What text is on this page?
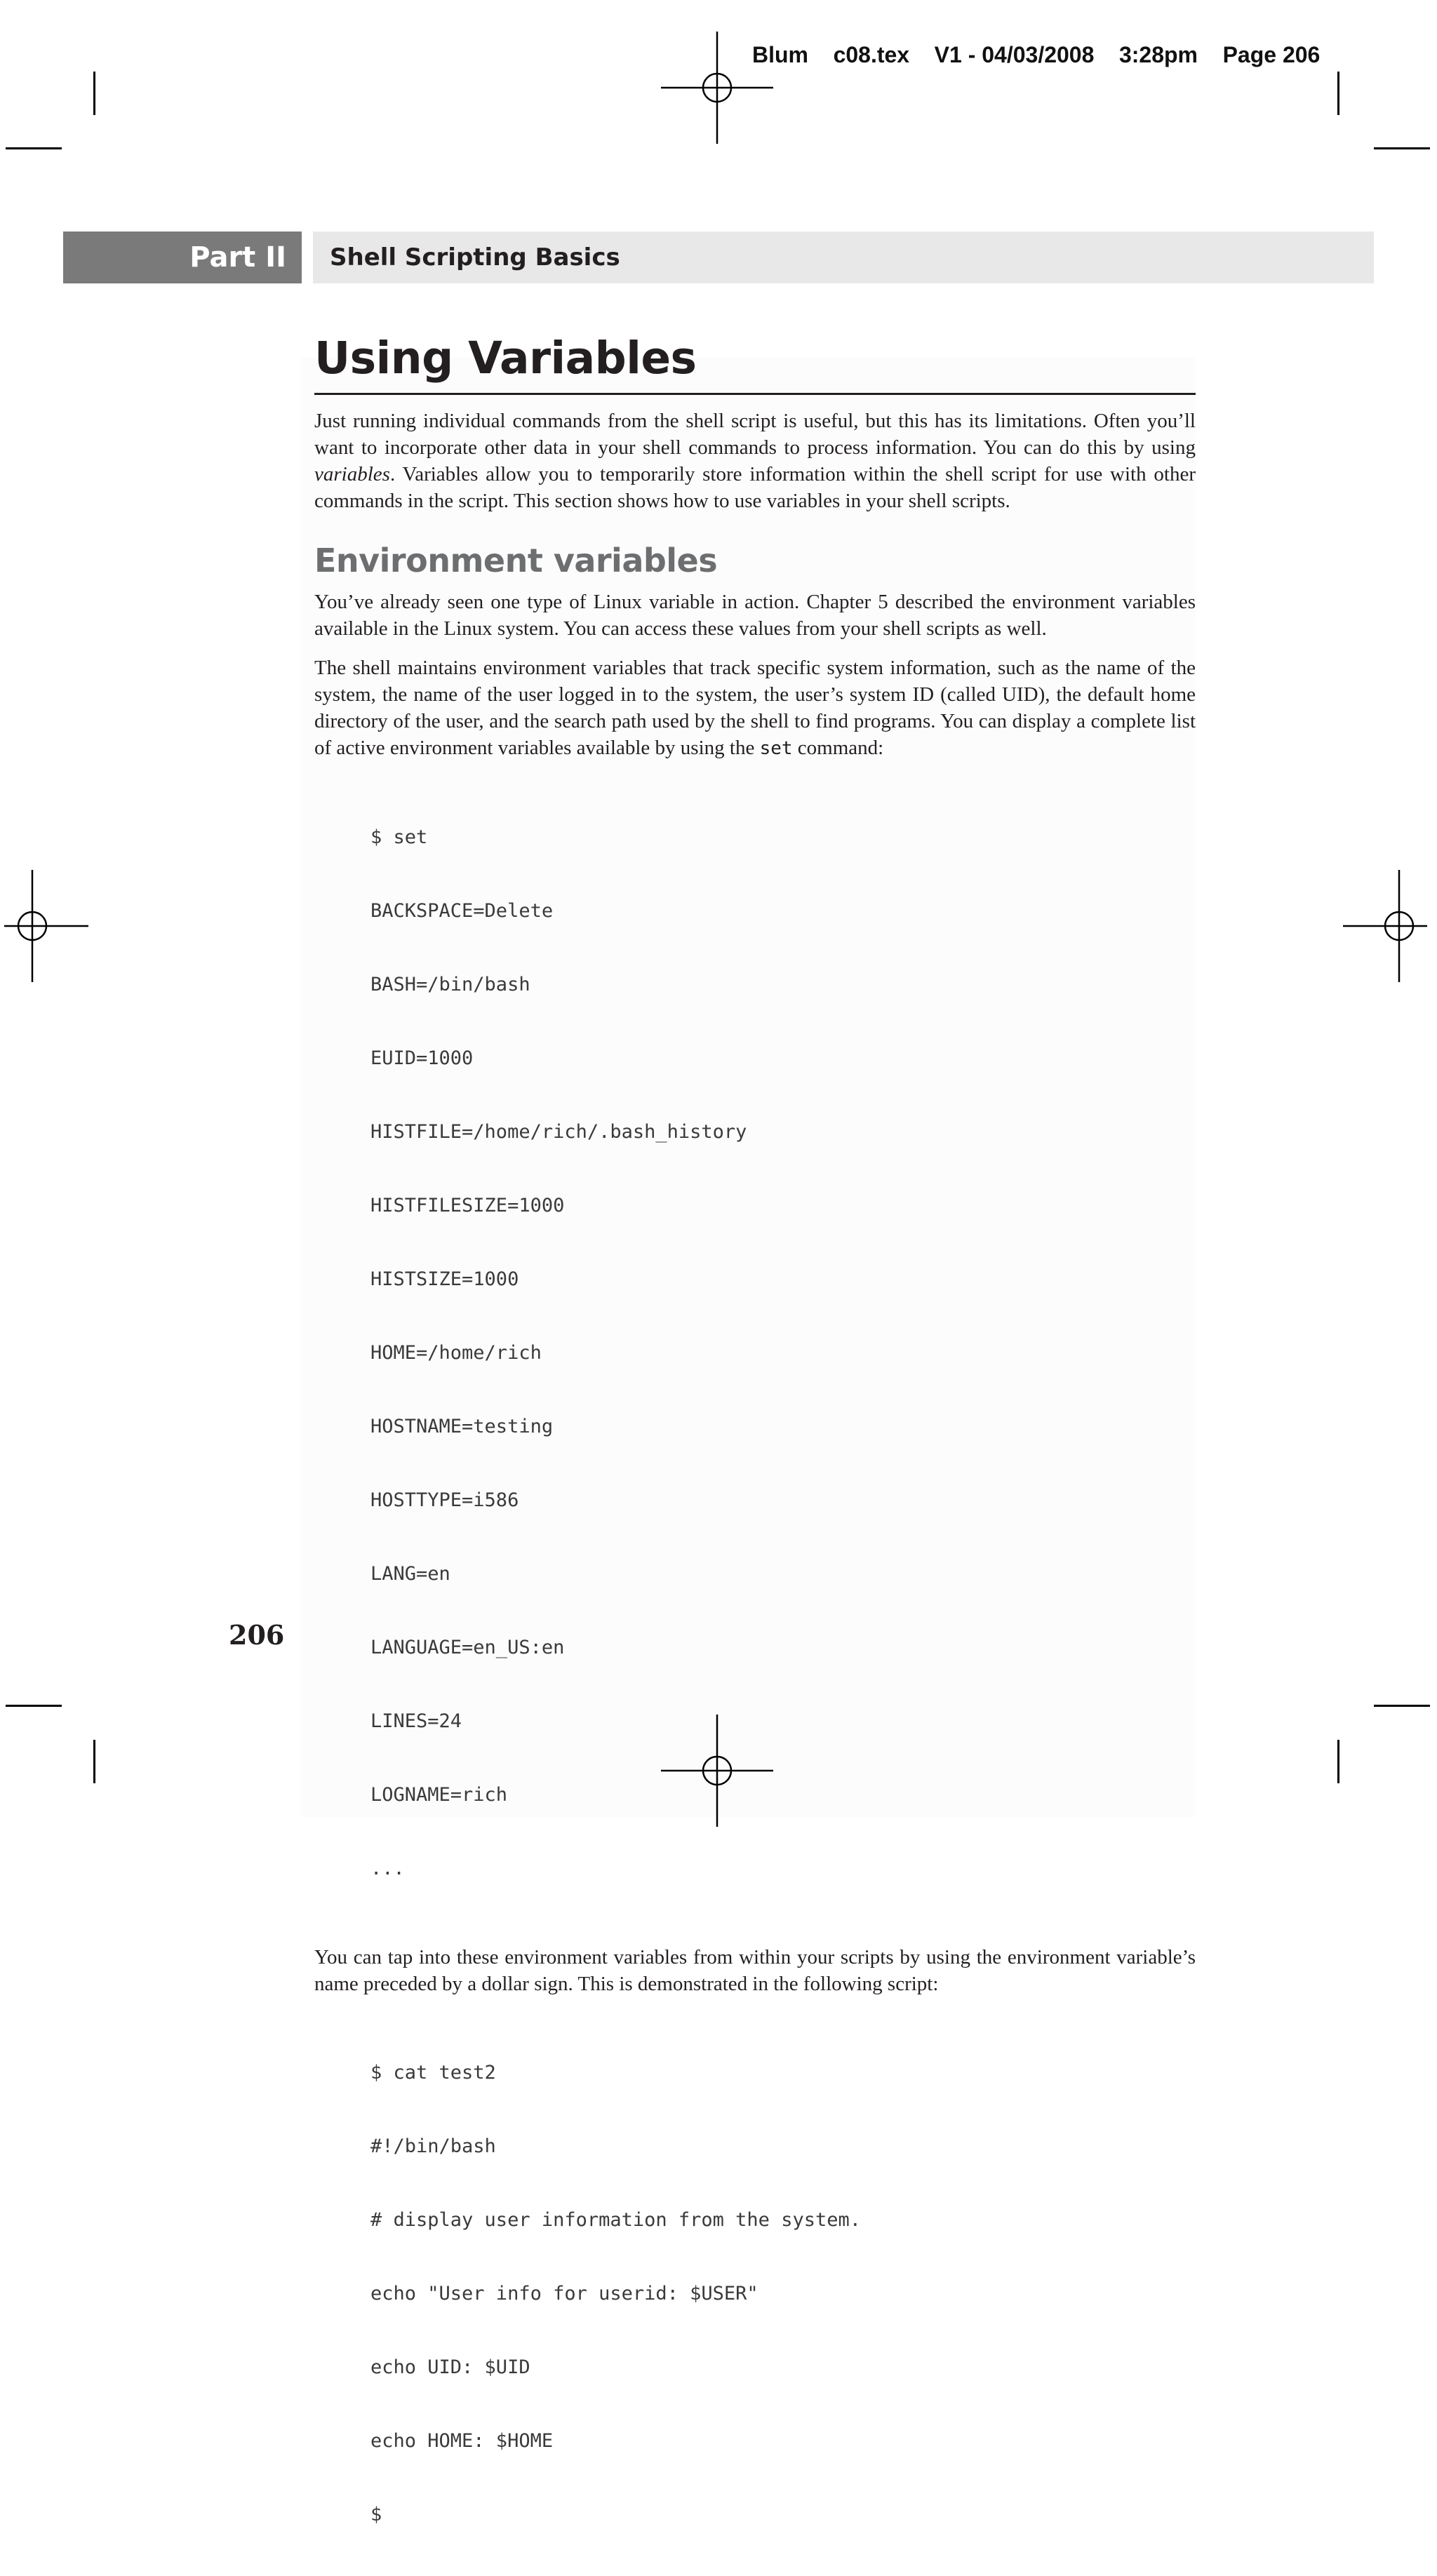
Blum    c08.tex    V1 - 04/03/2008    3:28pm    Page 206
Part II	Shell Scripting Basics
Using Variables

Just running individual commands from the shell script is useful, but this has its limitations. Often you’ll want to incorporate other data in your shell commands to process information. You can do this by using variables. Variables allow you to temporarily store information within the shell script for use with other commands in the script. This section shows how to use variables in your shell scripts.

Environment variables

You’ve already seen one type of Linux variable in action. Chapter 5 described the environment variables available in the Linux system. You can access these values from your shell scripts as well.

The shell maintains environment variables that track specific system information, such as the name of the system, the name of the user logged in to the system, the user’s system ID (called UID), the default home directory of the user, and the search path used by the shell to find programs. You can display a complete list of active environment variables available by using the set command:

$ set

BACKSPACE=Delete

BASH=/bin/bash

EUID=1000

HISTFILE=/home/rich/.bash_history

HISTFILESIZE=1000

HISTSIZE=1000

HOME=/home/rich

HOSTNAME=testing

HOSTTYPE=i586

LANG=en

LANGUAGE=en_US:en

LINES=24

LOGNAME=rich

...

You can tap into these environment variables from within your scripts by using the environment variable’s name preceded by a dollar sign. This is demonstrated in the following script:

$ cat test2

#!/bin/bash

# display user information from the system.

echo "User info for userid: $USER"

echo UID: $UID

echo HOME: $HOME

$

206
